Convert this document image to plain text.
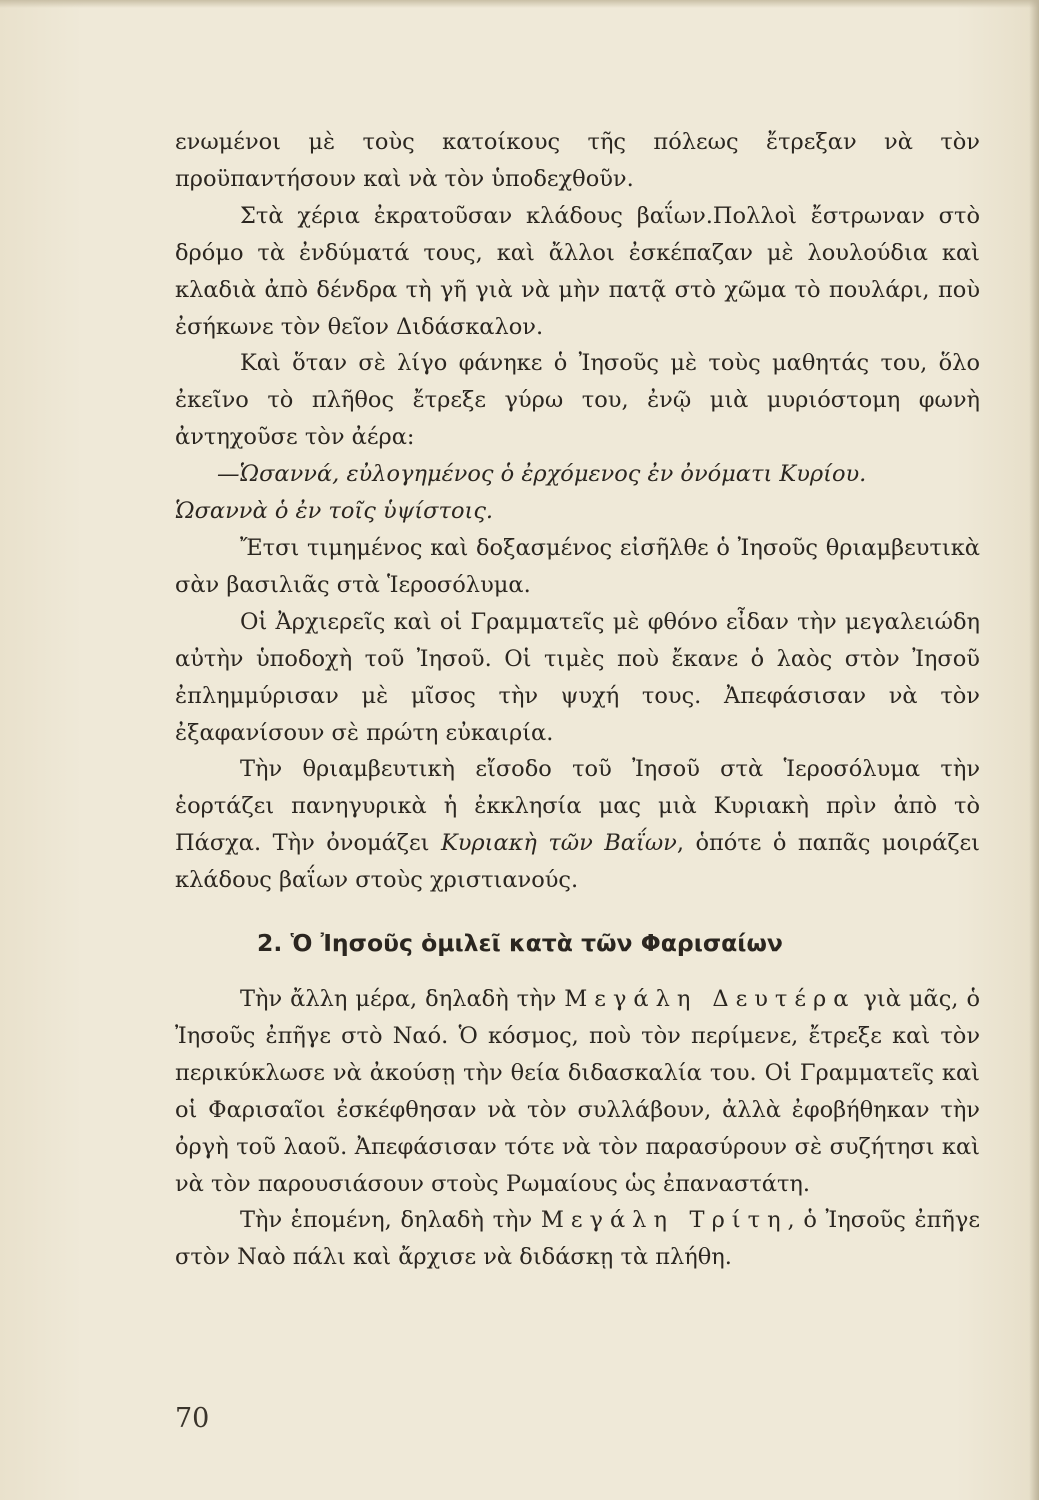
ενωμένοι μὲ τοὺς κατοίκους τῆς πόλεως ἔτρεξαν νὰ τὸν προϋπαντήσουν καὶ νὰ τὸν ὑποδεχθοῦν.

Στὰ χέρια ἐκρατοῦσαν κλάδους βαΐων.Πολλοὶ ἔστρωναν στὸ δρόμο τὰ ἐνδύματά τους, καὶ ἄλλοι ἐσκέπαζαν μὲ λουλούδια καὶ κλαδιὰ ἀπὸ δένδρα τὴ γῆ γιὰ νὰ μὴν πατᾷ στὸ χῶμα τὸ πουλάρι, ποὺ ἐσήκωνε τὸν θεῖον Διδάσκαλον.

Καὶ ὅταν σὲ λίγο φάνηκε ὁ Ἰησοῦς μὲ τοὺς μαθητάς του, ὅλο ἐκεῖνο τὸ πλῆθος ἔτρεξε γύρω του, ἐνῷ μιὰ μυριόστομη φωνὴ ἀντηχοῦσε τὸν ἀέρα:

—Ὡσαννά, εὐλογημένος ὁ ἐρχόμενος ἐν ὀνόματι Κυρίου.

Ὡσαννὰ ὁ ἐν τοῖς ὑψίστοις.

Ἔτσι τιμημένος καὶ δοξασμένος εἰσῆλθε ὁ Ἰησοῦς θριαμβευτικὰ σὰν βασιλιᾶς στὰ Ἱεροσόλυμα.

Οἱ Ἀρχιερεῖς καὶ οἱ Γραμματεῖς μὲ φθόνο εἶδαν τὴν μεγαλειώδη αὐτὴν ὑποδοχὴ τοῦ Ἰησοῦ. Οἱ τιμὲς ποὺ ἔκανε ὁ λαὸς στὸν Ἰησοῦ ἐπλημμύρισαν μὲ μῖσος τὴν ψυχή τους. Ἀπεφάσισαν νὰ τὸν ἐξαφανίσουν σὲ πρώτη εὐκαιρία.

Τὴν θριαμβευτικὴ εἴσοδο τοῦ Ἰησοῦ στὰ Ἱεροσόλυμα τὴν ἑορτάζει πανηγυρικὰ ἡ ἐκκλησία μας μιὰ Κυριακὴ πρὶν ἀπὸ τὸ Πάσχα. Τὴν ὀνομάζει Κυριακὴ τῶν Βαΐων, ὁπότε ὁ παπᾶς μοιράζει κλάδους βαΐων στοὺς χριστιανούς.

2. Ὁ Ἰησοῦς ὁμιλεῖ κατὰ τῶν Φαρισαίων

Τὴν ἄλλη μέρα, δηλαδὴ τὴν Μεγάλη Δευτέρα γιὰ μᾶς, ὁ Ἰησοῦς ἐπῆγε στὸ Ναό. Ὁ κόσμος, ποὺ τὸν περίμενε, ἔτρεξε καὶ τὸν περικύκλωσε νὰ ἀκούσῃ τὴν θεία διδασκαλία του. Οἱ Γραμματεῖς καὶ οἱ Φαρισαῖοι ἐσκέφθησαν νὰ τὸν συλλάβουν, ἀλλὰ ἐφοβήθηκαν τὴν ὀργὴ τοῦ λαοῦ. Ἀπεφάσισαν τότε νὰ τὸν παρασύρουν σὲ συζήτησι καὶ νὰ τὸν παρουσιάσουν στοὺς Ρωμαίους ὡς ἐπαναστάτη.

Τὴν ἑπομένη, δηλαδὴ τὴν Μεγάλη Τρίτη, ὁ Ἰησοῦς ἐπῆγε στὸν Ναὸ πάλι καὶ ἄρχισε νὰ διδάσκῃ τὰ πλήθη.

70
